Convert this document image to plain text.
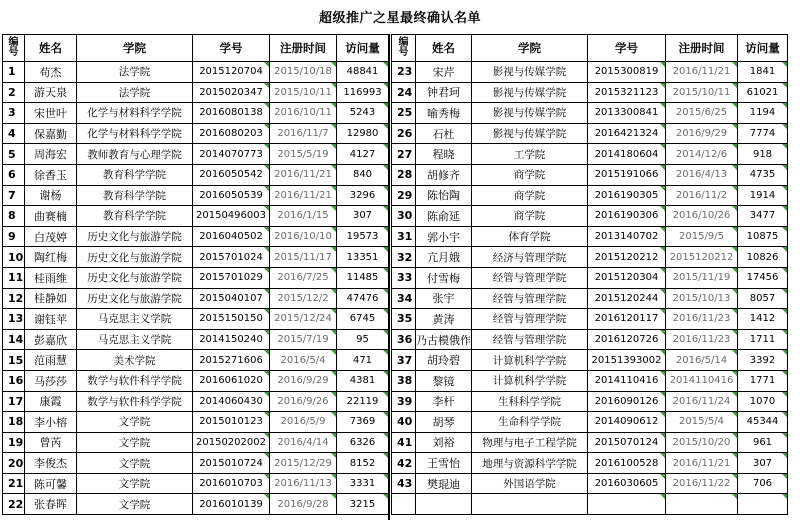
超级推广之星最终确认名单
编
号	姓名	学院	学号	注册时间	访问量
1	苟杰	法学院	2015120704	2015/10/18	48841
2	游天泉	法学院	2015020347	2015/10/11	116993
3	宋世叶	化学与材料科学学院	2016080138	2016/10/11	5243
4	保嘉勤	化学与材料科学学院	2016080203	2016/11/7	12980
5	周海宏	教师教育与心理学院	2014070773	2015/5/19	4127
6	徐香玉	教育科学学院	2016050542	2016/11/21	840
7	谢杨	教育科学学院	2016050539	2016/11/21	3296
8	曲赛楠	教育科学学院	20150496003	2016/1/15	307
9	白茂婷	历史文化与旅游学院	2016040502	2016/10/10	19573
10	陶红梅	历史文化与旅游学院	2015701024	2015/11/17	13351
11	桂雨维	历史文化与旅游学院	2015701029	2016/7/25	11485
12	桂静如	历史文化与旅游学院	2015040107	2015/12/2	47476
13	谢钰苹	马克思主义学院	2015150150	2015/12/24	6745
14	彭嘉欣	马克思主义学院	2014150240	2015/7/19	95
15	范雨慧	美术学院	2015271606	2016/5/4	471
16	马莎莎	数学与软件科学学院	2016061020	2016/9/29	4381
17	康霞	数学与软件科学学院	2014060430	2016/9/26	22119
18	李小榕	文学院	2015010123	2016/5/9	7369
19	曾芮	文学院	20150202002	2016/4/14	6326
20	李俊杰	文学院	2015010724	2015/12/29	8152
21	陈可馨	文学院	2016010703	2016/11/13	3331
22	张春晖	文学院	2016010139	2016/9/28	3215
编
号	姓名	学院	学号	注册时间	访问量
23	宋芹	影视与传媒学院	2015300819	2016/11/21	1841
24	钟君珂	影视与传媒学院	2015321123	2015/10/11	61021
25	喻秀梅	影视与传媒学院	2013300841	2015/6/25	1194
26	石杜	影视与传媒学院	2016421324	2016/9/29	7774
27	程晓	工学院	2014180604	2014/12/6	918
28	胡修齐	商学院	2015191066	2016/4/13	4735
29	陈怡陶	商学院	2016190305	2016/11/2	1914
30	陈俞延	商学院	2016190306	2016/10/26	3477
31	郭小宇	体育学院	2013140702	2015/9/5	10875
32	亢月娥	经济与管理学院	2015120212	2015120212	10826
33	付雪梅	经管与管理学院	2015120304	2015/11/19	17456
34	张宇	经管与管理学院	2015120244	2015/10/13	8057
35	黄涛	经管与管理学院	2016120117	2016/11/23	1412
36	乃古模俄作	经管与管理学院	2016120726	2016/11/23	1711
37	胡玲碧	计算机科学学院	20151393002	2016/5/14	3392
38	黎镜	计算机科学学院	2014110416	2014110416	1771
39	李杆	生科科学学院	2016090126	2016/11/24	1070
40	胡琴	生命科学学院	2014090612	2015/5/4	45344
41	刘裕	物理与电子工程学院	2015070124	2015/10/20	961
42	王雪怡	地理与资源科学学院	2016100528	2016/11/21	307
43	樊琨迪	外国语学院	2016030605	2016/11/22	706
